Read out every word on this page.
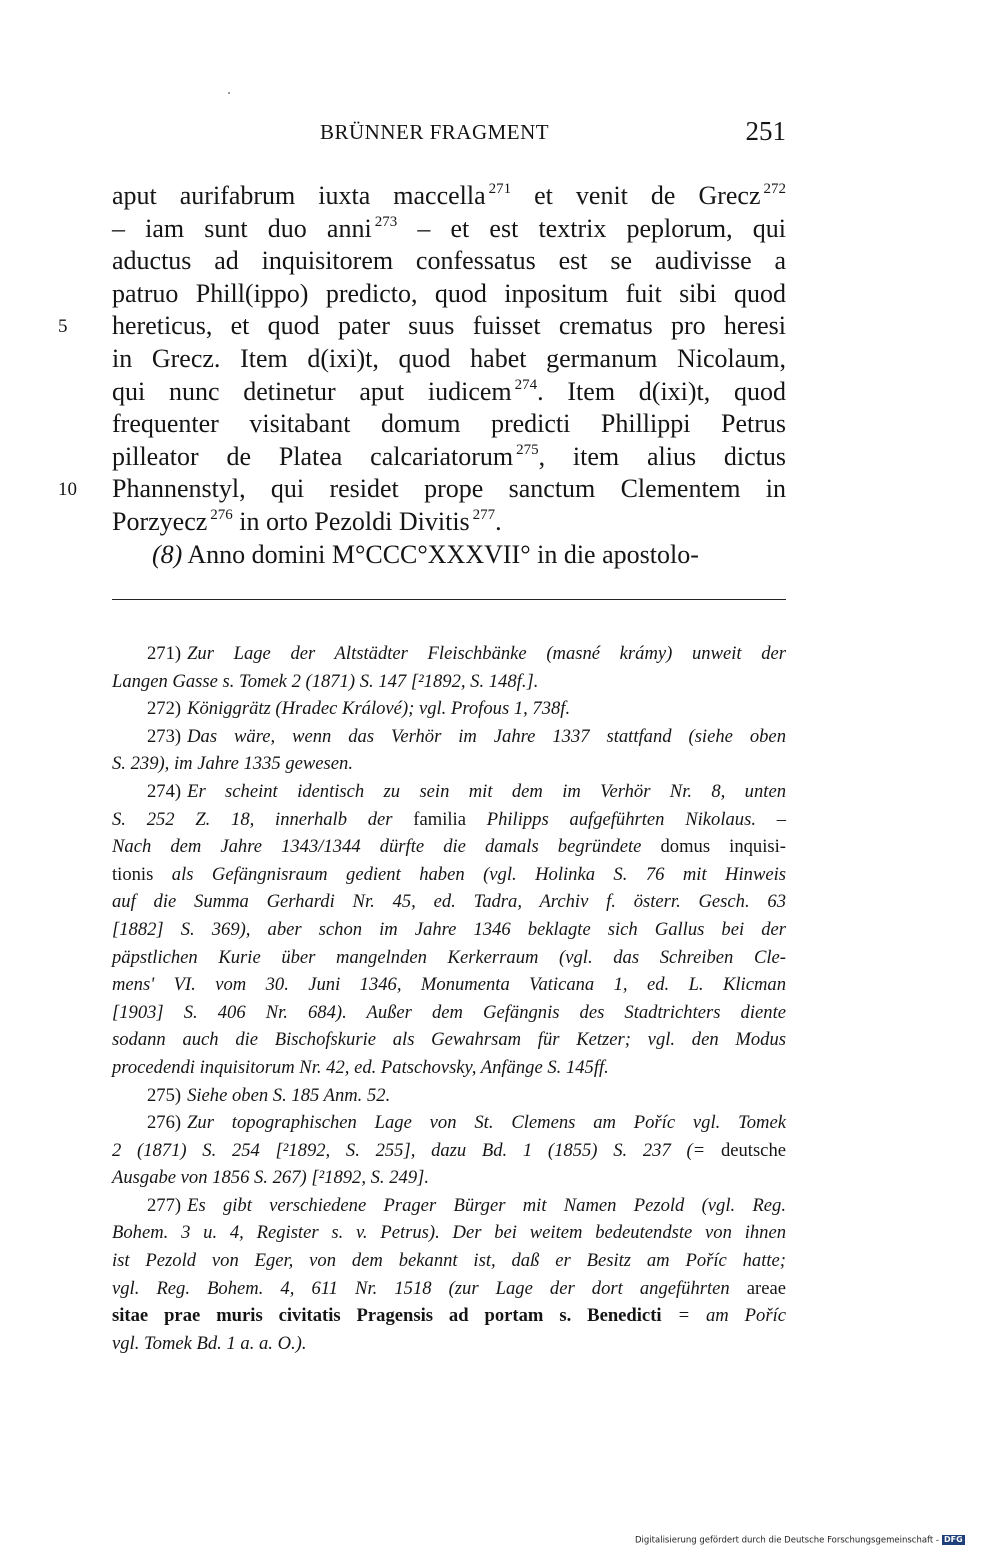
BRÜNNER FRAGMENT	251
aput aurifabrum iuxta maccella $^{271}$ et venit de Grecz $^{272}$
– iam sunt duo anni $^{273}$ – et est textrix peplorum, qui
aductus ad inquisitorem confessatus est se audivisse a
patruo Phill(ippo) predicto, quod inpositum fuit sibi quod
5 hereticus, et quod pater suus fuisset crematus pro heresi
in Grecz. Item d(ixi)t, quod habet germanum Nicolaum,
qui nunc detinetur aput iudicem $^{274}$. Item d(ixi)t, quod
frequenter visitabant domum predicti Phillippi Petrus
pilleator de Platea calcariatorum $^{275}$, item alius dictus
10 Phannenstyl, qui residet prope sanctum Clementem in
Porzyecz $^{276}$ in orto Pezoldi Divitis $^{277}$.
(8) Anno domini M°CCC°XXXVII° in die apostolo-
271) Zur Lage der Altstädter Fleischbänke (masné krámy) unweit der
Langen Gasse s. Tomek 2 (1871) S. 147 [²1892, S. 148f.].
272) Königgrätz (Hradec Králové); vgl. Profous 1, 738f.
273) Das wäre, wenn das Verhör im Jahre 1337 stattfand (siehe oben
S. 239), im Jahre 1335 gewesen.
274) Er scheint identisch zu sein mit dem im Verhör Nr. 8, unten
S. 252 Z. 18, innerhalb der familia Philipps aufgeführten Nikolaus. –
Nach dem Jahre 1343/1344 dürfte die damals begründete domus inquisi-
tionis als Gefängnisraum gedient haben (vgl. Holinka S. 76 mit Hinweis
auf die Summa Gerhardi Nr. 45, ed. Tadra, Archiv f. österr. Gesch. 63
[1882] S. 369), aber schon im Jahre 1346 beklagte sich Gallus bei der
päpstlichen Kurie über mangelnden Kerkerraum (vgl. das Schreiben Cle-
mens' VI. vom 30. Juni 1346, Monumenta Vaticana 1, ed. L. Klicman
[1903] S. 406 Nr. 684). Außer dem Gefängnis des Stadtrichters diente
sodann auch die Bischofskurie als Gewahrsam für Ketzer; vgl. den Modus
procedendi inquisitorum Nr. 42, ed. Patschovsky, Anfänge S. 145ff.
275) Siehe oben S. 185 Anm. 52.
276) Zur topographischen Lage von St. Clemens am Poříc vgl. Tomek
2 (1871) S. 254 [²1892, S. 255], dazu Bd. 1 (1855) S. 237 (= deutsche
Ausgabe von 1856 S. 267) [²1892, S. 249].
277) Es gibt verschiedene Prager Bürger mit Namen Pezold (vgl. Reg.
Bohem. 3 u. 4, Register s. v. Petrus). Der bei weitem bedeutendste von ihnen
ist Pezold von Eger, von dem bekannt ist, daß er Besitz am Poříc hatte;
vgl. Reg. Bohem. 4, 611 Nr. 1518 (zur Lage der dort angeführten areae
sitae prae muris civitatis Pragensis ad portam s. Benedicti = am Poříc
vgl. Tomek Bd. 1 a. a. O.).
Digitalisierung gefördert durch die Deutsche Forschungsgemeinschaft - DFG
